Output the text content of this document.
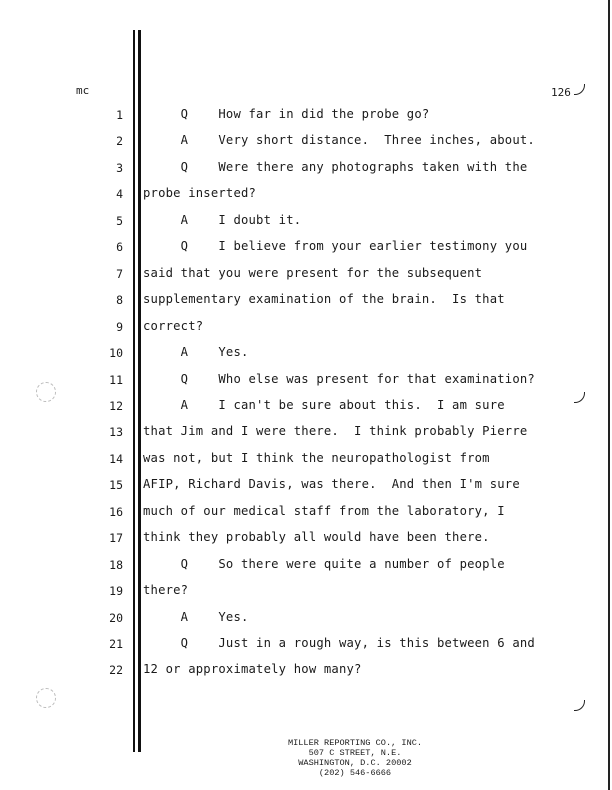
mc	126
1 Q    How far in did the probe go?
2 A    Very short distance.  Three inches, about.
3 Q    Were there any photographs taken with the
4 probe inserted?
5 A    I doubt it.
6 Q    I believe from your earlier testimony you
7 said that you were present for the subsequent
8 supplementary examination of the brain.  Is that
9 correct?
10 A    Yes.
11 Q    Who else was present for that examination?
12 A    I can't be sure about this.  I am sure
13 that Jim and I were there.  I think probably Pierre
14 was not, but I think the neuropathologist from
15 AFIP, Richard Davis, was there.  And then I'm sure
16 much of our medical staff from the laboratory, I
17 think they probably all would have been there.
18 Q    So there were quite a number of people
19 there?
20 A    Yes.
21 Q    Just in a rough way, is this between 6 and
22 12 or approximately how many?
MILLER REPORTING CO., INC.
507 C STREET, N.E.
WASHINGTON, D.C. 20002
(202) 546-6666
